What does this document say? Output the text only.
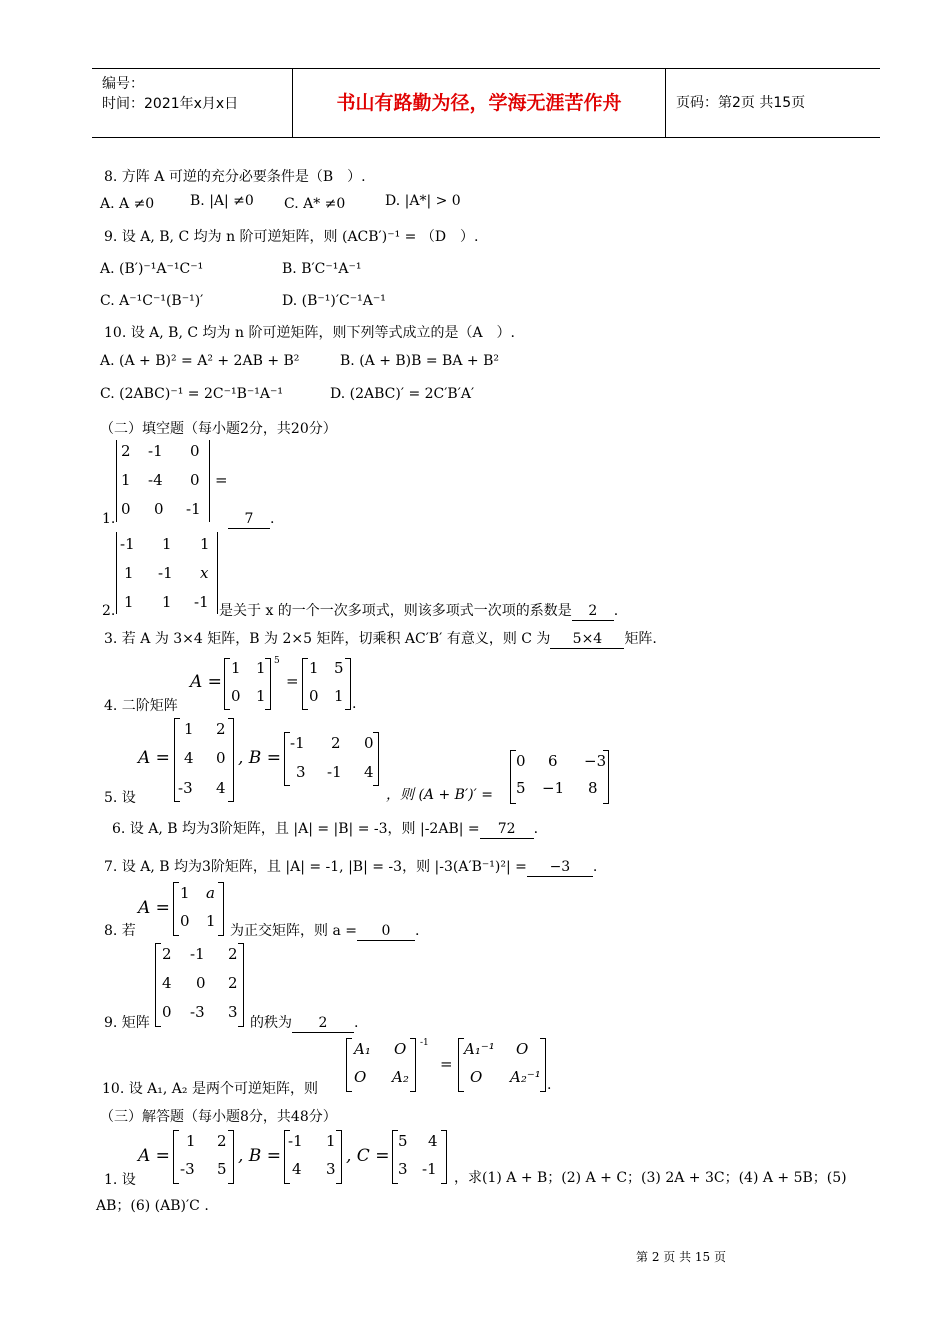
编号：
时间：2021年x月x日	书山有路勤为径，学海无涯苦作舟	页码：第2页 共15页
8. 方阵 A 可逆的充分必要条件是（B　）.
A. A ≠0	B. |A| ≠0 C. A* ≠0	D. |A*| > 0
9. 设 A, B, C 均为 n 阶可逆矩阵，则 (ACB′)⁻¹ = （D　）.
A. (B′)⁻¹A⁻¹C⁻¹	B. B′C⁻¹A⁻¹
C. A⁻¹C⁻¹(B⁻¹)′	D. (B⁻¹)′C⁻¹A⁻¹
10. 设 A, B, C 均为 n 阶可逆矩阵，则下列等式成立的是（A　）.
A. (A + B)² = A² + 2AB + B²	B. (A + B)B = BA + B²
C. (2ABC)⁻¹ = 2C⁻¹B⁻¹A⁻¹	D. (2ABC)′ = 2C′B′A′
（二）填空题（每小题2分，共20分）
2 -1 0
1 -4 0
0 0 -1
=
1.	7 .
-1 1 1
1 -1 x
1 1 -1
2.	是关于 x 的一个一次多项式，则该多项式一次项的系数是 2 .
3. 若 A 为 3×4 矩阵，B 为 2×5 矩阵，切乘积 AC′B′ 有意义，则 C 为 5×4 矩阵.
4. 二阶矩阵
A =
1 1
0 1
5
=
1 5
0 1 .
5. 设
A =
1 2
4 0
-3 4
, B =
-1 2 0
3 -1 4
，则 (A + B′)′ =
0 6 −3
5 −1 8
6. 设 A, B 均为3阶矩阵，且 |A| = |B| = -3，则 |-2AB| = 72 .
7. 设 A, B 均为3阶矩阵，且 |A| = -1, |B| = -3，则 |-3(A′B⁻¹)²| = −3 .
8. 若
A =
1 a
0 1
为正交矩阵，则 a = 0 .
9. 矩阵
2 -1 2
4 0 2
0 -3 3
的秩为 2 .
10. 设 A₁, A₂ 是两个可逆矩阵，则
A₁ O
O A₂
-1
=
A₁⁻¹ O
O A₂⁻¹ .
（三）解答题（每小题8分，共48分）
1. 设
A =
1 2
-3 5
, B =
-1 1
4 3
, C =
5 4
3 -1 ，求(1) A + B；(2) A + C；(3) 2A + 3C；(4) A + 5B；(5)
AB；(6) (AB)′C .
第 2 页 共 15 页
